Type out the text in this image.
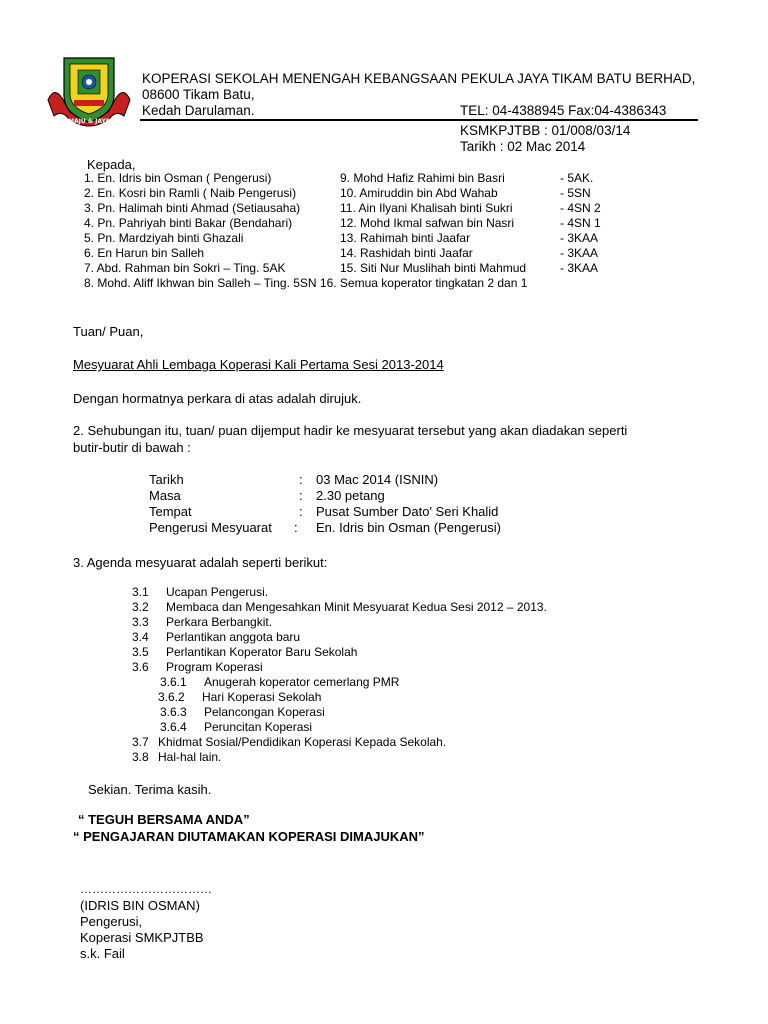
MAJU & JAYA
KOPERASI SEKOLAH MENENGAH KEBANGSAAN PEKULA JAYA TIKAM BATU BERHAD,
08600 Tikam Batu,
Kedah Darulaman.	TEL: 04-4388945 Fax:04-4386343
KSMKPJTBB : 01/008/03/14
Tarikh : 02 Mac 2014
Kepada,
1. En. Idris bin Osman ( Pengerusi)	9. Mohd Hafiz Rahimi bin Basri	- 5AK.
2. En. Kosri bin Ramli ( Naib Pengerusi)	10. Amiruddin bin Abd Wahab	- 5SN
3. Pn. Halimah binti Ahmad (Setiausaha)	11. Ain Ilyani Khalisah binti Sukri	- 4SN 2
4. Pn. Pahriyah binti Bakar (Bendahari)	12. Mohd Ikmal safwan bin Nasri	- 4SN 1
5. Pn. Mardziyah binti Ghazali	13. Rahimah binti Jaafar	- 3KAA
6. En Harun bin Salleh	14. Rashidah binti Jaafar	- 3KAA
7. Abd. Rahman bin Sokri – Ting. 5AK	15. Siti Nur Muslihah binti Mahmud	- 3KAA
8. Mohd. Aliff Ikhwan bin Salleh – Ting. 5SN 16. Semua koperator tingkatan 2 dan 1
Tuan/ Puan,
Mesyuarat Ahli Lembaga Koperasi Kali Pertama Sesi 2013-2014
Dengan hormatnya perkara di atas adalah dirujuk.
2. Sehubungan itu, tuan/ puan dijemput hadir ke mesyuarat tersebut yang akan diadakan seperti
butir-butir di bawah :
Tarikh	: 03 Mac 2014 (ISNIN)
Masa	: 2.30 petang
Tempat	: Pusat Sumber Dato' Seri Khalid
Pengerusi Mesyuarat : En. Idris bin Osman (Pengerusi)
3. Agenda mesyuarat adalah seperti berikut:
3.1 Ucapan Pengerusi.
3.2 Membaca dan Mengesahkan Minit Mesyuarat Kedua Sesi 2012 – 2013.
3.3 Perkara Berbangkit.
3.4 Perlantikan anggota baru
3.5 Perlantikan Koperator Baru Sekolah
3.6 Program Koperasi
3.6.1 Anugerah koperator cemerlang PMR
3.6.2 Hari Koperasi Sekolah
3.6.3 Pelancongan Koperasi
3.6.4 Peruncitan Koperasi
3.7 Khidmat Sosial/Pendidikan Koperasi Kepada Sekolah.
3.8 Hal-hal lain.
Sekian. Terima kasih.
“ TEGUH BERSAMA ANDA”
“ PENGAJARAN DIUTAMAKAN KOPERASI DIMAJUKAN”
……………………………
(IDRIS BIN OSMAN)
Pengerusi,
Koperasi SMKPJTBB
s.k. Fail
